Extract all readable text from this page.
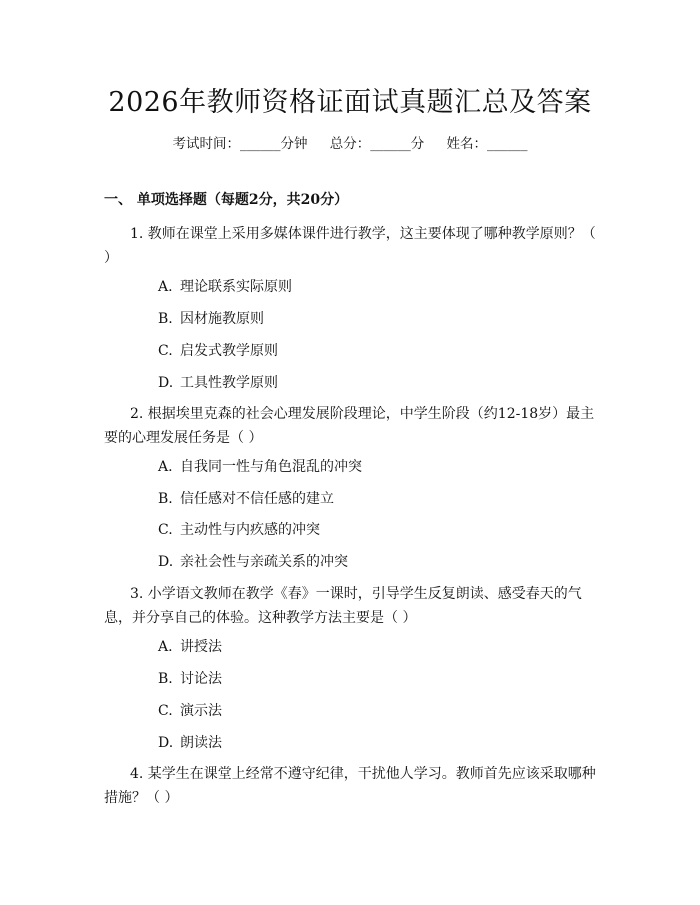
2026年教师资格证面试真题汇总及答案
考试时间：______分钟 总分：______分 姓名：______
一、 单项选择题（每题2分，共20分）
1. 教师在课堂上采用多媒体课件进行教学，这主要体现了哪种教学原则？（ ）
A. 理论联系实际原则
B. 因材施教原则
C. 启发式教学原则
D. 工具性教学原则
2. 根据埃里克森的社会心理发展阶段理论，中学生阶段（约12-18岁）最主要的心理发展任务是（ ）
A. 自我同一性与角色混乱的冲突
B. 信任感对不信任感的建立
C. 主动性与内疚感的冲突
D. 亲社会性与亲疏关系的冲突
3. 小学语文教师在教学《春》一课时，引导学生反复朗读、感受春天的气息，并分享自己的体验。这种教学方法主要是（ ）
A. 讲授法
B. 讨论法
C. 演示法
D. 朗读法
4. 某学生在课堂上经常不遵守纪律，干扰他人学习。教师首先应该采取哪种措施？（ ）
